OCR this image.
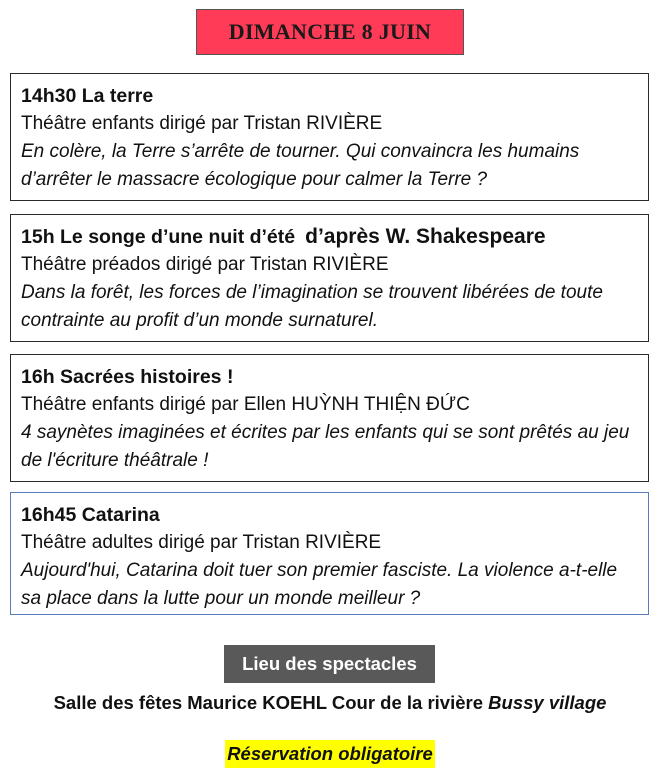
DIMANCHE 8 JUIN
14h30 La terre
Théâtre enfants dirigé par Tristan RIVIÈRE
En colère, la Terre s’arrête de tourner. Qui convaincra les humains d’arrêter le massacre écologique pour calmer la Terre ?
15h Le songe d’une nuit d’été d’après W. Shakespeare
Théâtre préados dirigé par Tristan RIVIÈRE
Dans la forêt, les forces de l’imagination se trouvent libérées de toute contrainte au profit d’un monde surnaturel.
16h Sacrées histoires !
Théâtre enfants dirigé par Ellen HUỲNH THIỆN ĐỨC
4 saynètes imaginées et écrites par les enfants qui se sont prêtés au jeu de l'écriture théâtrale !
16h45 Catarina
Théâtre adultes dirigé par Tristan RIVIÈRE
Aujourd'hui, Catarina doit tuer son premier fasciste. La violence a-t-elle sa place dans la lutte pour un monde meilleur ?
Lieu des spectacles
Salle des fêtes Maurice KOEHL Cour de la rivière Bussy village
Réservation obligatoire
